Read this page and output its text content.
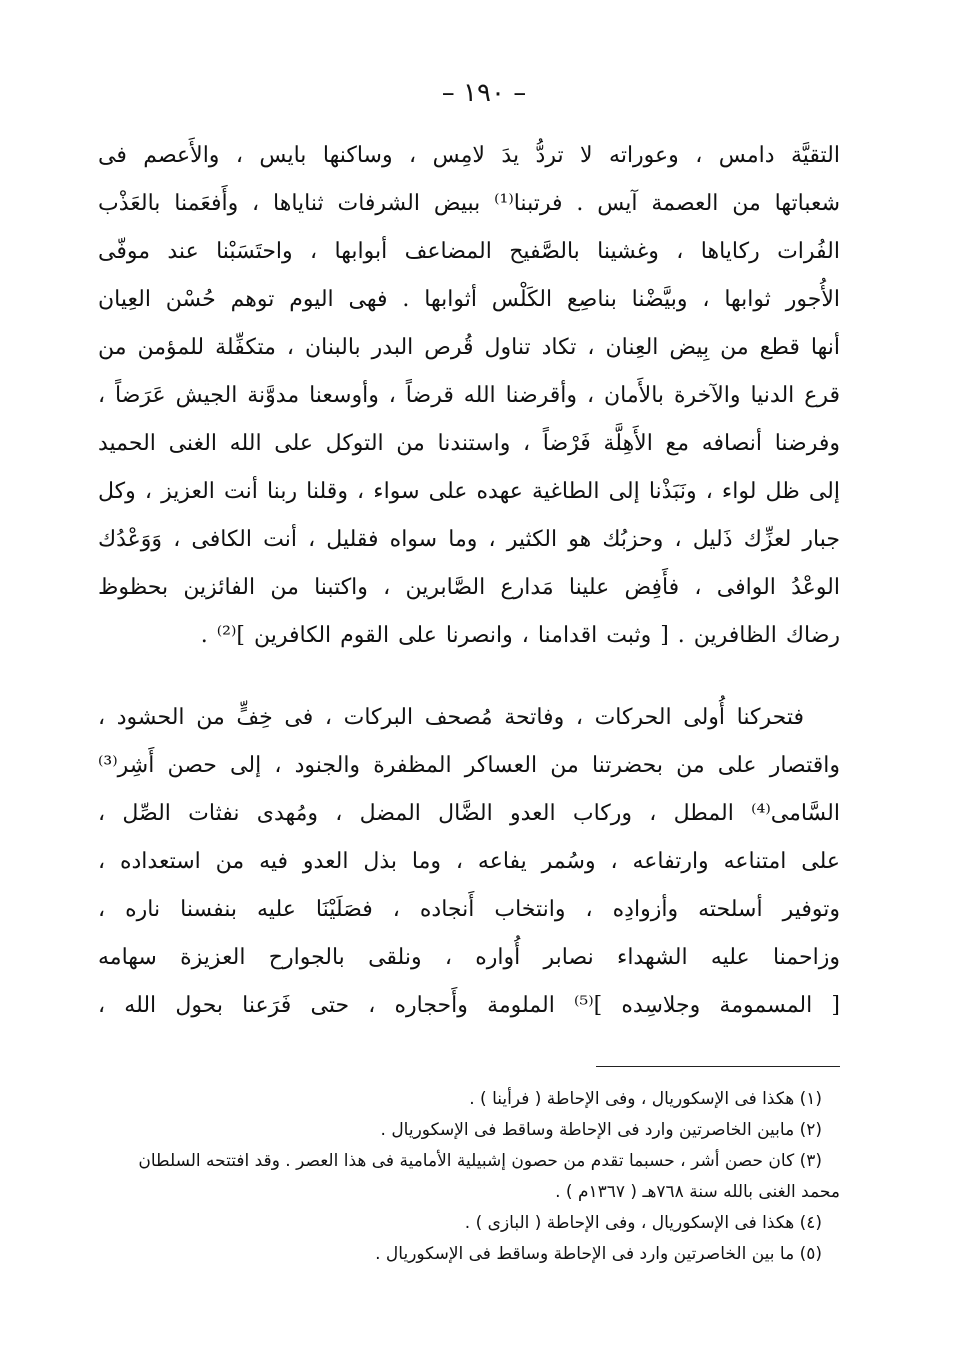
– ١٩٠ –
التقيَّة دامس ، وعوراته لا تردُّ يدَ لامِس ، وساكنها بايس ، والأَعصم فى
شعباتها من العصمة آيس . فرتبنا⁽¹⁾ ببيض الشرفات ثناياها ، وأَفعَمنا بالعَذْب
الفُرات ركاياها ، وغشينا بالصَّفيح المضاعف أبوابها ، واحتَسَبْنا عند موفّى
الأُجور ثوابها ، وبيَّضْنا بناصِع الكَلْس أثوابها . فهى اليوم توهم حُسْن العِيان
أنها قطع من بِيض العِنان ، تكاد تناول قُرص البدر بالبنان ، متكفِّلة للمؤمن من
قرع الدنيا والآخرة بالأَمان ، وأقرضنا الله قرضاً ، وأوسعنا مدوَّنة الجيش عَرَضاً ،
وفرضنا أنصافه مع الأَهِلَّة فَرْضاً ، واستندنا من التوكل على الله الغنى الحميد
إلى ظل لواء ، ونَبَذْنا إلى الطاغية عهده على سواء ، وقلنا ربنا أنت العزيز ، وكل
جبار لعزِّك ذَليل ، وحزبُك هو الكثير ، وما سواه فقليل ، أنت الكافى ، وَوَعْدُك
الوعْدُ الوافى ، فأَفِض علينا مَدارع الصَّابرين ، واكتبنا من الفائزين بحظوظ
رضاك الظافرين . [ وثبت اقدامنا ، وانصرنا على القوم الكافرين ]⁽²⁾ .
فتحركنا أُولى الحركات ، وفاتحة مُصحف البركات ، فى خِفٍّ من الحشود ،
واقتصار على من بحضرتنا من العساكر المظفرة والجنود ، إلى حصن أَشِر⁽³⁾
السَّامى⁽⁴⁾ المطل ، وركاب العدو الضَّال المضل ، ومُهدى نفثات الصِّل ،
على امتناعه وارتفاعه ، وسُمر يفاعه ، وما بذل العدو فيه من استعداده ،
وتوفير أسلحته وأزوادِه ، وانتخاب أَنجاده ، فصَلَيْنَا عليه بنفسنا ناره ،
وزاحمنا عليه الشهداء نصابر أُواره ، ونلقى بالجوارح العزيزة سهامه
[ المسمومة وجلاسِده ]⁽⁵⁾ الملومة وأَحجاره ، حتى فَرَعنا بحول الله ،
(١) هكذا فى الإسكوريال ، وفى الإحاطة ( فرأينا ) .
(٢) مابين الخاصرتين وارد فى الإحاطة وساقط فى الإسكوريال .
(٣) كان حصن أشر ، حسبما تقدم من حصون إشبيلية الأمامية فى هذا العصر . وقد افتتحه السلطان
محمد الغنى بالله سنة ٧٦٨هـ ( ١٣٦٧م ) .
(٤) هكذا فى الإسكوريال ، وفى الإحاطة ( البازى ) .
(٥) ما بين الخاصرتين وارد فى الإحاطة وساقط فى الإسكوريال .
